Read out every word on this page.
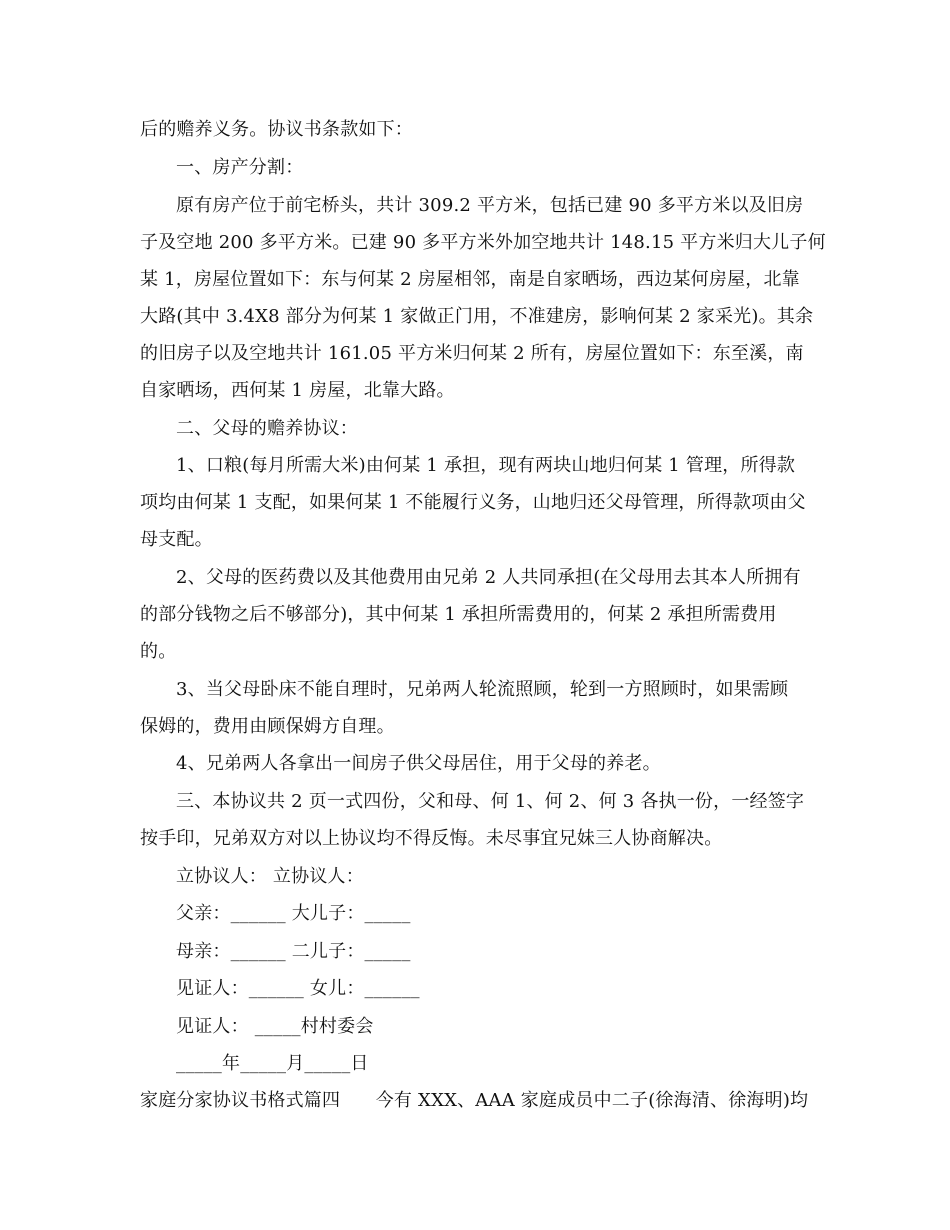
后的赡养义务。协议书条款如下：
一、房产分割：
原有房产位于前宅桥头，共计 309.2 平方米，包括已建 90 多平方米以及旧房
子及空地 200 多平方米。已建 90 多平方米外加空地共计 148.15 平方米归大儿子何
某 1，房屋位置如下：东与何某 2 房屋相邻，南是自家晒场，西边某何房屋，北靠
大路(其中 3.4X8 部分为何某 1 家做正门用，不准建房，影响何某 2 家采光)。其余
的旧房子以及空地共计 161.05 平方米归何某 2 所有，房屋位置如下：东至溪，南
自家晒场，西何某 1 房屋，北靠大路。
二、父母的赡养协议：
1、口粮(每月所需大米)由何某 1 承担，现有两块山地归何某 1 管理，所得款
项均由何某 1 支配，如果何某 1 不能履行义务，山地归还父母管理，所得款项由父
母支配。
2、父母的医药费以及其他费用由兄弟 2 人共同承担(在父母用去其本人所拥有
的部分钱物之后不够部分)，其中何某 1 承担所需费用的，何某 2 承担所需费用
的。
3、当父母卧床不能自理时，兄弟两人轮流照顾，轮到一方照顾时，如果需顾
保姆的，费用由顾保姆方自理。
4、兄弟两人各拿出一间房子供父母居住，用于父母的养老。
三、本协议共 2 页一式四份，父和母、何 1、何 2、何 3 各执一份，一经签字
按手印，兄弟双方对以上协议均不得反悔。未尽事宜兄妹三人协商解决。
立协议人： 立协议人：
父亲：______ 大儿子：_____
母亲：______ 二儿子：_____
见证人：______ 女儿：______
见证人： _____村村委会
_____年_____月_____日
家庭分家协议书格式篇四      今有 XXX、AAA 家庭成员中二子(徐海清、徐海明)均
